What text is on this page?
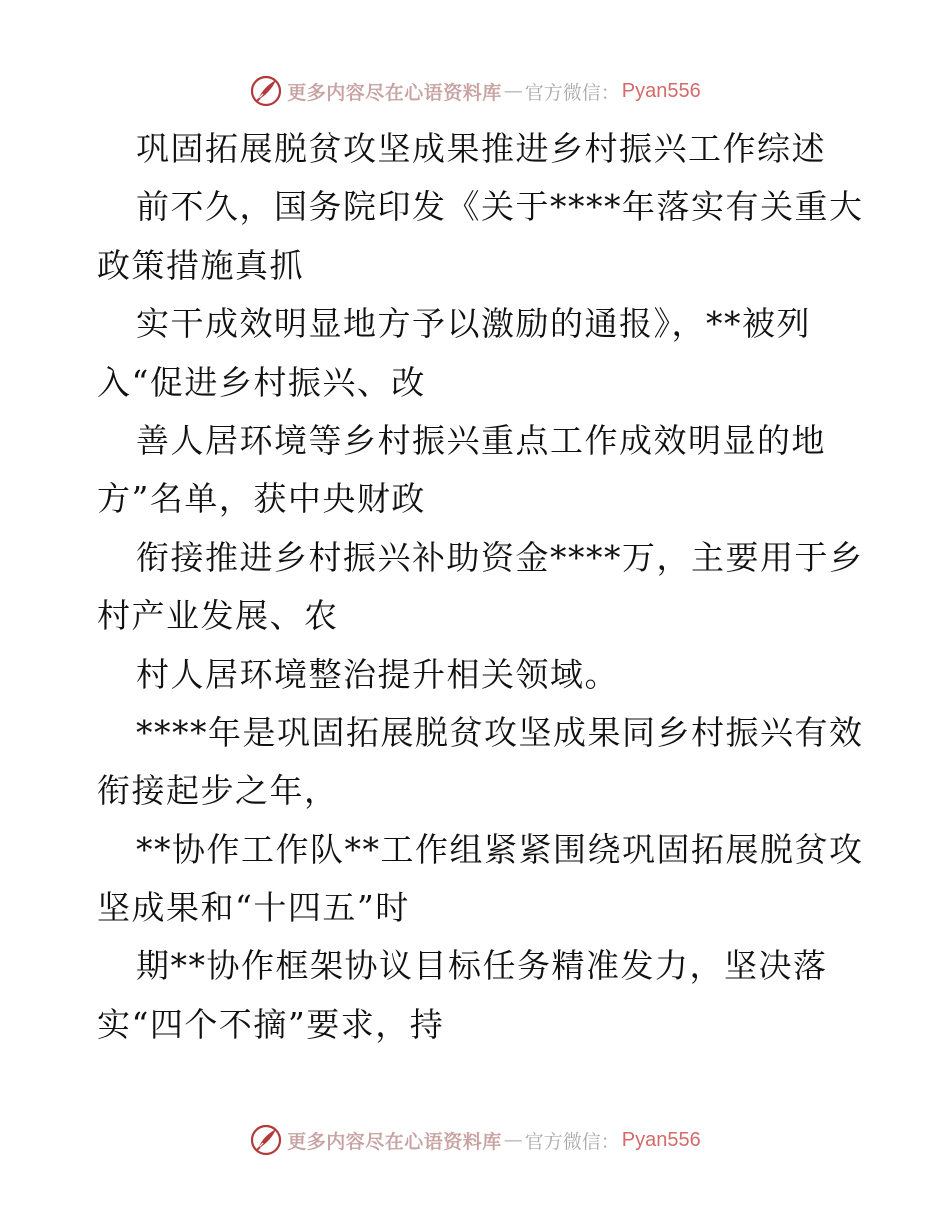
更多内容尽在心语资料库 — 官方微信： Pyan556
巩固拓展脱贫攻坚成果推进乡村振兴工作综述
前不久，国务院印发《关于****年落实有关重大
政策措施真抓
实干成效明显地方予以激励的通报》，**被列
入“促进乡村振兴、改
善人居环境等乡村振兴重点工作成效明显的地
方”名单，获中央财政
衔接推进乡村振兴补助资金****万，主要用于乡
村产业发展、农
村人居环境整治提升相关领域。
****年是巩固拓展脱贫攻坚成果同乡村振兴有效
衔接起步之年，
**协作工作队**工作组紧紧围绕巩固拓展脱贫攻
坚成果和“十四五”时
期**协作框架协议目标任务精准发力，坚决落
实“四个不摘”要求，持
更多内容尽在心语资料库 — 官方微信： Pyan556
